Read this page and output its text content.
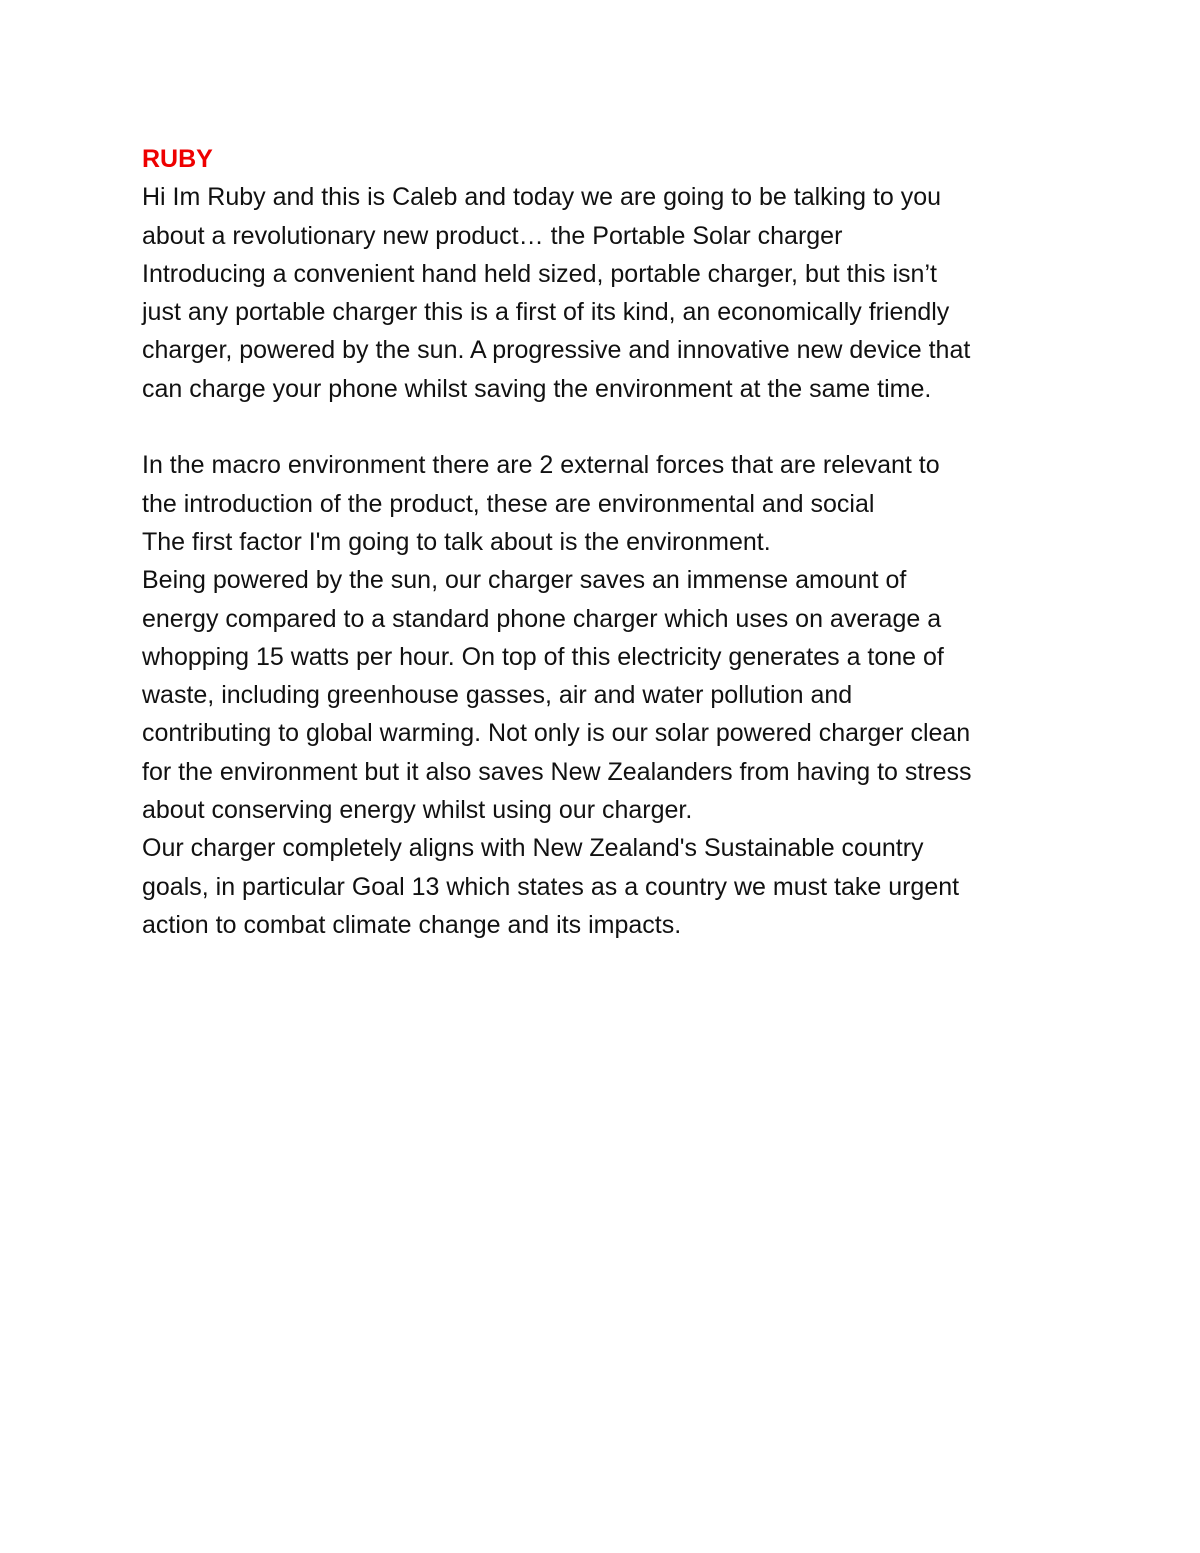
RUBY
Hi Im Ruby and this is Caleb and today we are going to be talking to you
about a revolutionary new product… the Portable Solar charger
Introducing a convenient hand held sized, portable charger, but this isn’t
just any portable charger this is a first of its kind, an economically friendly
charger, powered by the sun. A progressive and innovative new device that
can charge your phone whilst saving the environment at the same time.
In the macro environment there are 2 external forces that are relevant to
the introduction of the product, these are environmental and social
The first factor I'm going to talk about is the environment.
Being powered by the sun, our charger saves an immense amount of
energy compared to a standard phone charger which uses on average a
whopping 15 watts per hour. On top of this electricity generates a tone of
waste, including greenhouse gasses, air and water pollution and
contributing to global warming. Not only is our solar powered charger clean
for the environment but it also saves New Zealanders from having to stress
about conserving energy whilst using our charger.
Our charger completely aligns with New Zealand's Sustainable country
goals, in particular Goal 13 which states as a country we must take urgent
action to combat climate change and its impacts.
